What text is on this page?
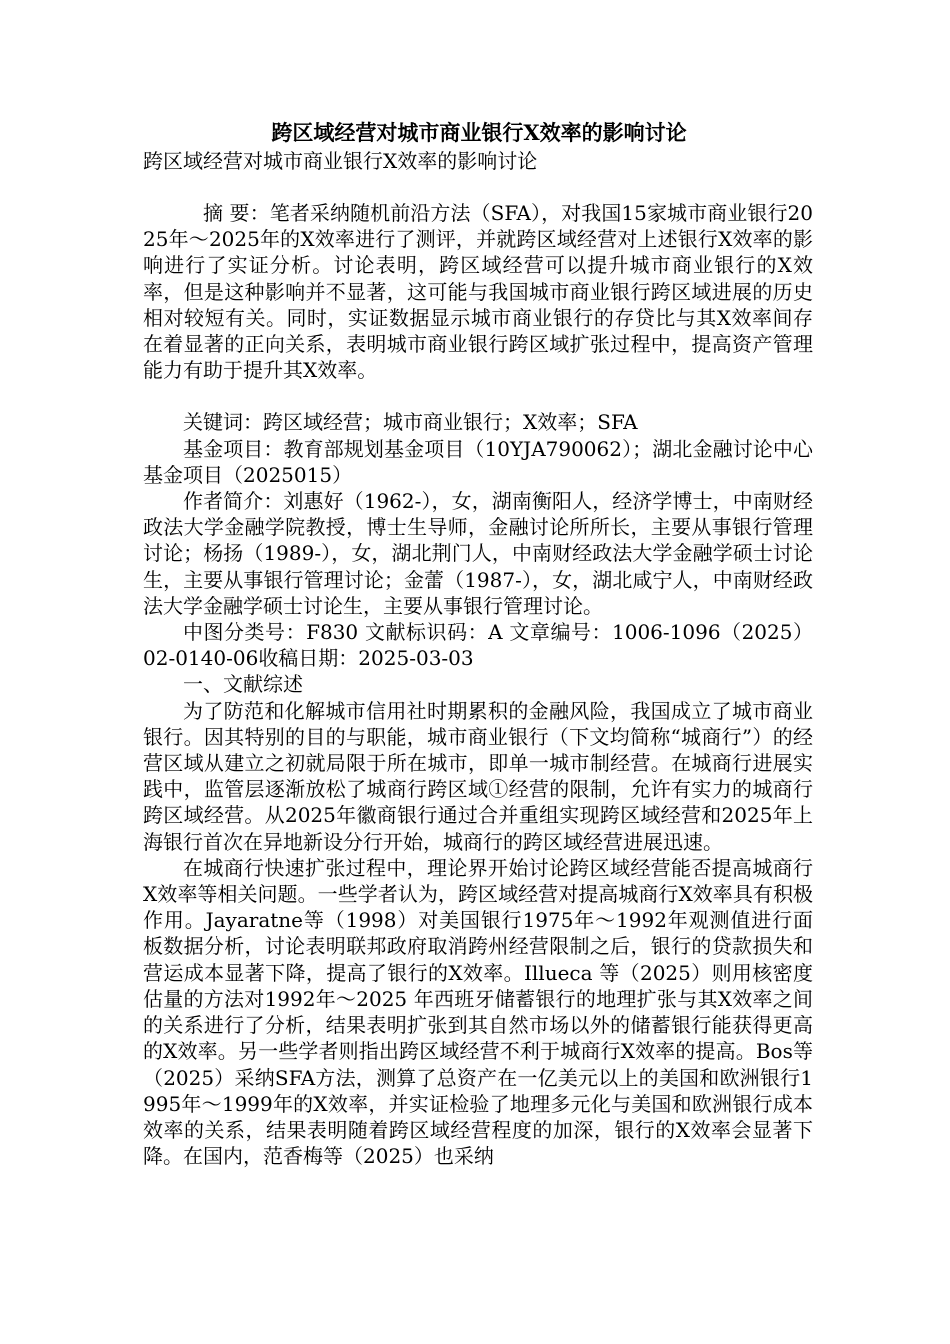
跨区域经营对城市商业银行X效率的影响讨论
跨区域经营对城市商业银行X效率的影响讨论

摘 要：笔者采纳随机前沿方法（SFA），对我国15家城市商业银行2025年～2025年的X效率进行了测评，并就跨区域经营对上述银行X效率的影响进行了实证分析。讨论表明，跨区域经营可以提升城市商业银行的X效率，但是这种影响并不显著，这可能与我国城市商业银行跨区域进展的历史相对较短有关。同时，实证数据显示城市商业银行的存贷比与其X效率间存在着显著的正向关系，表明城市商业银行跨区域扩张过程中，提高资产管理能力有助于提升其X效率。

关键词：跨区域经营；城市商业银行；X效率；SFA

基金项目：教育部规划基金项目（10YJA790062）；湖北金融讨论中心基金项目（2025015）

作者简介：刘惠好（1962-），女，湖南衡阳人，经济学博士，中南财经政法大学金融学院教授，博士生导师，金融讨论所所长，主要从事银行管理讨论；杨扬（1989-），女，湖北荆门人，中南财经政法大学金融学硕士讨论生，主要从事银行管理讨论；金蕾（1987-），女，湖北咸宁人，中南财经政法大学金融学硕士讨论生，主要从事银行管理讨论。

中图分类号：F830 文献标识码：A 文章编号：1006-1096（2025）02-0140-06收稿日期：2025-03-03

一、文献综述

为了防范和化解城市信用社时期累积的金融风险，我国成立了城市商业银行。因其特别的目的与职能，城市商业银行（下文均简称“城商行”）的经营区域从建立之初就局限于所在城市，即单一城市制经营。在城商行进展实践中，监管层逐渐放松了城商行跨区域①经营的限制，允许有实力的城商行跨区域经营。从2025年徽商银行通过合并重组实现跨区域经营和2025年上海银行首次在异地新设分行开始，城商行的跨区域经营进展迅速。

在城商行快速扩张过程中，理论界开始讨论跨区域经营能否提高城商行X效率等相关问题。一些学者认为，跨区域经营对提高城商行X效率具有积极作用。Jayaratne等（1998）对美国银行1975年～1992年观测值进行面板数据分析，讨论表明联邦政府取消跨州经营限制之后，银行的贷款损失和营运成本显著下降，提高了银行的X效率。Illueca 等（2025）则用核密度估量的方法对1992年～2025 年西班牙储蓄银行的地理扩张与其X效率之间的关系进行了分析，结果表明扩张到其自然市场以外的储蓄银行能获得更高的X效率。另一些学者则指出跨区域经营不利于城商行X效率的提高。Bos等（2025）采纳SFA方法，测算了总资产在一亿美元以上的美国和欧洲银行1995年～1999年的X效率，并实证检验了地理多元化与美国和欧洲银行成本效率的关系，结果表明随着跨区域经营程度的加深，银行的X效率会显著下降。在国内，范香梅等（2025）也采纳
